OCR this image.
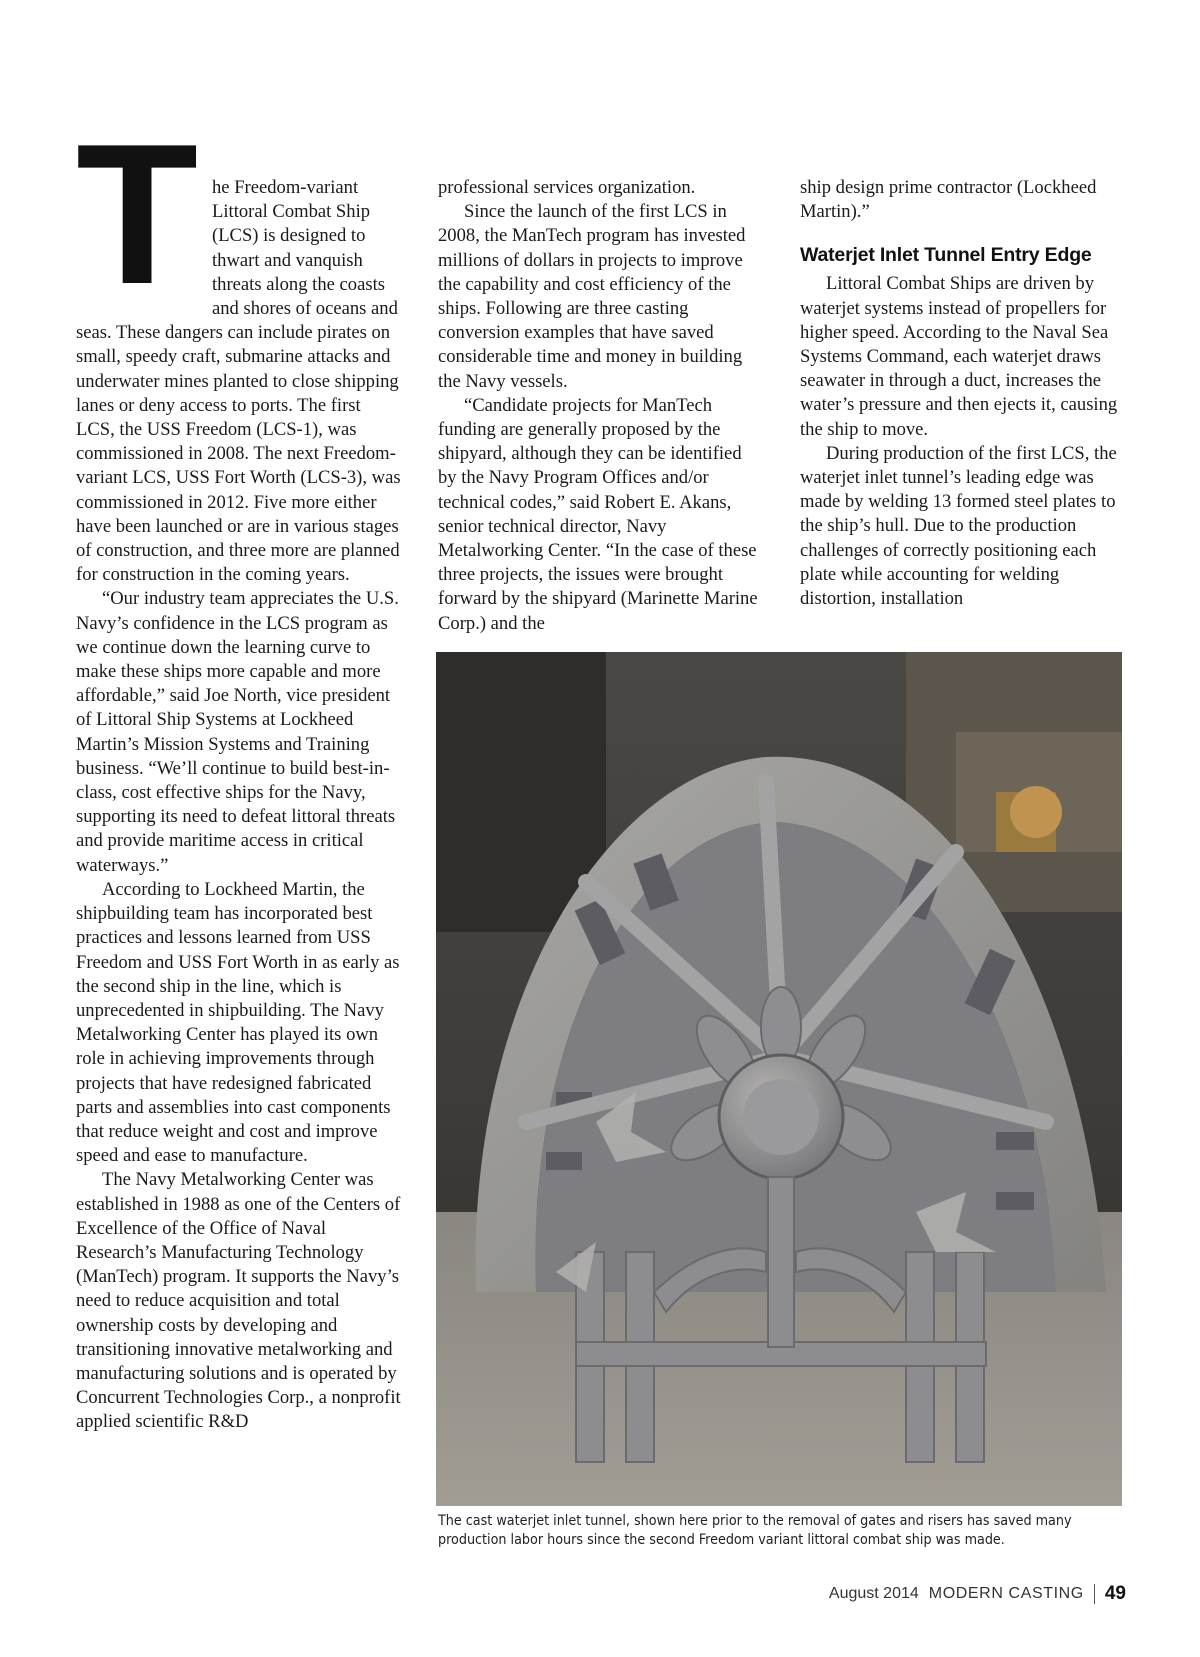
T	he Freedom-variant Littoral Combat Ship (LCS) is designed to thwart and vanquish threats along the coasts and shores of oceans and seas. These dangers can include pirates on small, speedy craft, submarine attacks and underwater mines planted to close shipping lanes or deny access to ports. The first LCS, the USS Freedom (LCS-1), was commissioned in 2008. The next Freedom-variant LCS, USS Fort Worth (LCS-3), was commissioned in 2012. Five more either have been launched or are in various stages of construction, and three more are planned for construction in the coming years.

“Our industry team appreciates the U.S. Navy’s confidence in the LCS program as we continue down the learning curve to make these ships more capable and more affordable,” said Joe North, vice president of Littoral Ship Systems at Lockheed Martin’s Mission Systems and Training business. “We’ll continue to build best-in-class, cost effective ships for the Navy, supporting its need to defeat littoral threats and provide maritime access in critical waterways.”

According to Lockheed Martin, the shipbuilding team has incorporated best practices and lessons learned from USS Freedom and USS Fort Worth in as early as the second ship in the line, which is unprecedented in shipbuilding. The Navy Metalworking Center has played its own role in achieving improvements through projects that have redesigned fabricated parts and assemblies into cast components that reduce weight and cost and improve speed and ease to manufacture.

The Navy Metalworking Center was established in 1988 as one of the Centers of Excellence of the Office of Naval Research’s Manufacturing Technology (ManTech) program. It supports the Navy’s need to reduce acquisition and total ownership costs by developing and transitioning innovative metalworking and manufacturing solutions and is operated by Concurrent Technologies Corp., a nonprofit applied scientific R&D

professional services organization.

Since the launch of the first LCS in 2008, the ManTech program has invested millions of dollars in projects to improve the capability and cost efficiency of the ships. Following are three casting conversion examples that have saved considerable time and money in building the Navy vessels.

“Candidate projects for ManTech funding are generally proposed by the shipyard, although they can be identified by the Navy Program Offices and/or technical codes,” said Robert E. Akans, senior technical director, Navy Metalworking Center. “In the case of these three projects, the issues were brought forward by the shipyard (Marinette Marine Corp.) and the

ship design prime contractor (Lockheed Martin).”

Waterjet Inlet Tunnel Entry Edge

Littoral Combat Ships are driven by waterjet systems instead of propellers for higher speed. According to the Naval Sea Systems Command, each waterjet draws seawater in through a duct, increases the water’s pressure and then ejects it, causing the ship to move.

During production of the first LCS, the waterjet inlet tunnel’s leading edge was made by welding 13 formed steel plates to the ship’s hull. Due to the production challenges of correctly positioning each plate while accounting for welding distortion, installation

The cast waterjet inlet tunnel, shown here prior to the removal of gates and risers has saved many production labor hours since the second Freedom variant littoral combat ship was made.
August 2014 MODERN CASTING 49
